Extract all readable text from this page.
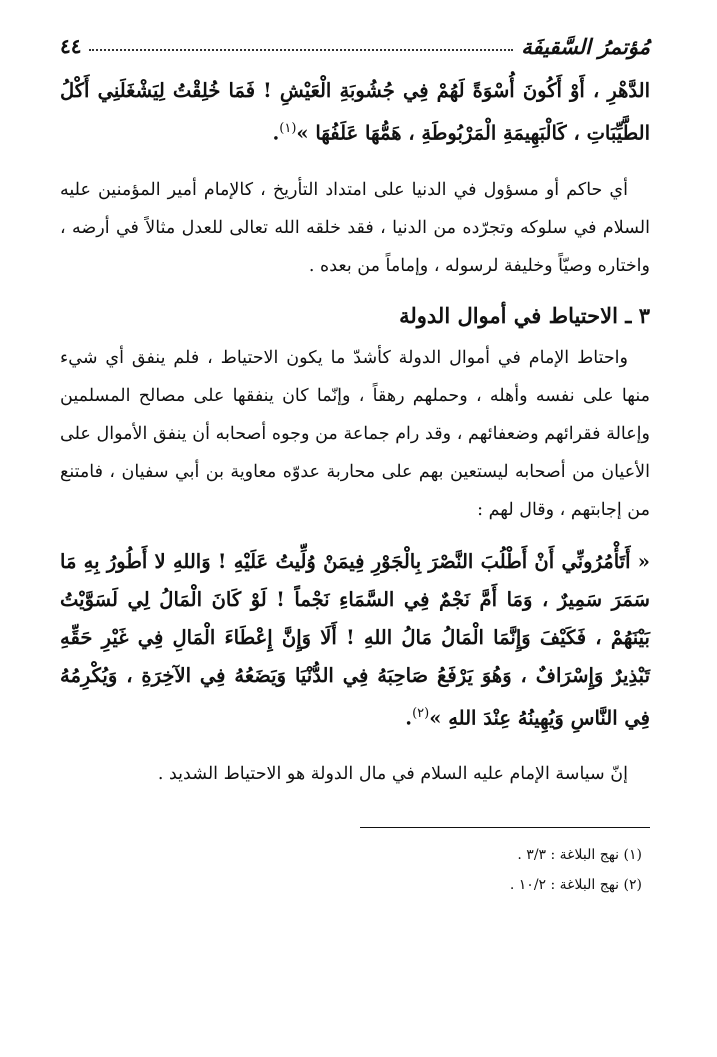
مُؤتمرُ السَّقيفَة
٤٤

الدَّهْرِ ، أَوْ أَكُونَ أُسْوَةً لَهُمْ فِي جُشُوبَةِ الْعَيْشِ ! فَمَا خُلِقْتُ لِيَشْغَلَنِي أَكْلُ الطَّيِّبَاتِ ، كَالْبَهِيمَةِ الْمَرْبُوطَةِ ، هَمُّهَا عَلَفُهَا »$^{(١)}$.

أي حاكم أو مسؤول في الدنيا على امتداد التأريخ ، كالإمام أمير المؤمنين عليه السلام في سلوكه وتجرّده من الدنيا ، فقد خلقه الله تعالى للعدل مثالاً في أرضه ، واختاره وصيّاً وخليفة لرسوله ، وإماماً من بعده .

٣ ـ الاحتياط في أموال الدولة

واحتاط الإمام في أموال الدولة كأشدّ ما يكون الاحتياط ، فلم ينفق أي شيء منها على نفسه وأهله ، وحملهم رهقاً ، وإنّما كان ينفقها على مصالح المسلمين وإعالة فقرائهم وضعفائهم ، وقد رام جماعة من وجوه أصحابه أن ينفق الأموال على الأعيان من أصحابه ليستعين بهم على محاربة عدوّه معاوية بن أبي سفيان ، فامتنع من إجابتهم ، وقال لهم :

« أَتَأْمُرُونِّي أَنْ أَطْلُبَ النَّصْرَ بِالْجَوْرِ فِيمَنْ وُلِّيتُ عَلَيْهِ ! وَاللهِ لا أَطُورُ بِهِ مَا سَمَرَ سَمِيرٌ ، وَمَا أَمَّ نَجْمٌ فِي السَّمَاءِ نَجْماً ! لَوْ كَانَ الْمَالُ لِي لَسَوَّيْتُ بَيْنَهُمْ ، فَكَيْفَ وَإِنَّمَا الْمَالُ مَالُ اللهِ ! أَلَا وَإِنَّ إِعْطَاءَ الْمَالِ فِي غَيْرِ حَقِّهِ تَبْذِيرٌ وَإِسْرَافٌ ، وَهُوَ يَرْفَعُ صَاحِبَهُ فِي الدُّنْيَا وَيَضَعُهُ فِي الآخِرَةِ ، وَيُكْرِمُهُ فِي النَّاسِ وَيُهِينُهُ عِنْدَ اللهِ »$^{(٢)}$.

إنّ سياسة الإمام عليه السلام في مال الدولة هو الاحتياط الشديد .

(١) نهج البلاغة : ٣/٣ .

(٢) نهج البلاغة : ١٠/٢ .
